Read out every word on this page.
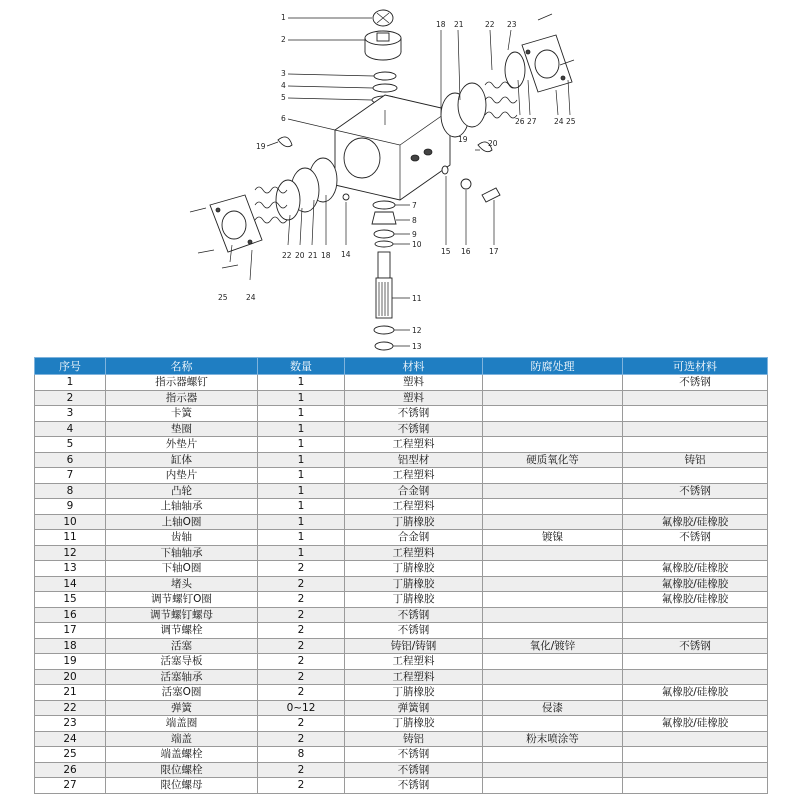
1
2
3
4
5
6
7
8
9
10
11
12
13
14	15 16 17
18
18
19
19	20
20
21
21
22
22
23
24
24
25
25
26 27
序号	名称	数量	材料	防腐处理	可选材料
1	指示器螺钉	1	塑料		不锈钢
2	指示器	1	塑料		
3	卡簧	1	不锈钢		
4	垫圈	1	不锈钢		
5	外垫片	1	工程塑料		
6	缸体	1	铝型材	硬质氧化等	铸铝
7	内垫片	1	工程塑料		
8	凸轮	1	合金钢		不锈钢
9	上轴轴承	1	工程塑料		
10	上轴O圈	1	丁腈橡胶		氟橡胶/硅橡胶
11	齿轴	1	合金钢	镀镍	不锈钢
12	下轴轴承	1	工程塑料		
13	下轴O圈	2	丁腈橡胶		氟橡胶/硅橡胶
14	堵头	2	丁腈橡胶		氟橡胶/硅橡胶
15	调节螺钉O圈	2	丁腈橡胶		氟橡胶/硅橡胶
16	调节螺钉螺母	2	不锈钢		
17	调节螺栓	2	不锈钢		
18	活塞	2	铸铝/铸钢	氧化/镀锌	不锈钢
19	活塞导板	2	工程塑料		
20	活塞轴承	2	工程塑料		
21	活塞O圈	2	丁腈橡胶		氟橡胶/硅橡胶
22	弹簧	0~12	弹簧钢	侵漆	
23	端盖圈	2	丁腈橡胶		氟橡胶/硅橡胶
24	端盖	2	铸铝	粉末喷涂等	
25	端盖螺栓	8	不锈钢		
26	限位螺栓	2	不锈钢		
27	限位螺母	2	不锈钢		
